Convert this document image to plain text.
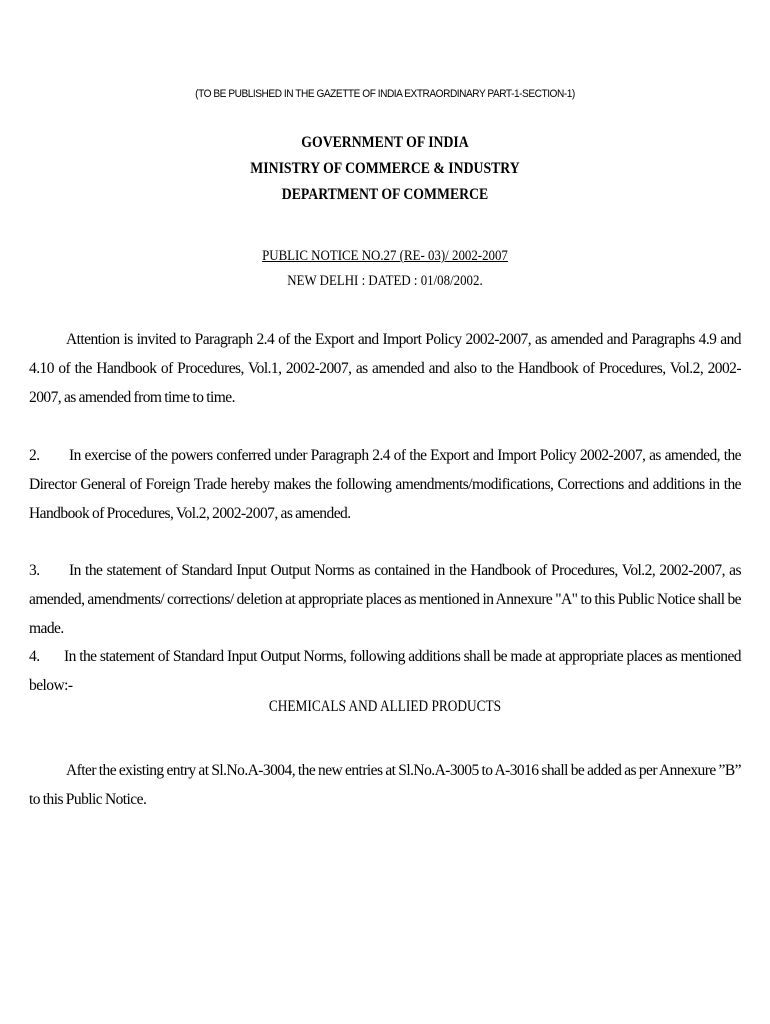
(TO BE PUBLISHED IN THE GAZETTE OF INDIA EXTRAORDINARY PART-1-SECTION-1)
GOVERNMENT OF INDIA
MINISTRY OF COMMERCE & INDUSTRY
DEPARTMENT OF COMMERCE
PUBLIC NOTICE NO.27 (RE- 03)/ 2002-2007
NEW DELHI : DATED : 01/08/2002.
Attention is invited to Paragraph 2.4 of the Export and Import Policy 2002-2007, as amended and Paragraphs 4.9 and 4.10 of the Handbook of Procedures, Vol.1, 2002-2007, as amended and also to the Handbook of Procedures, Vol.2, 2002-2007, as amended from time to time.
2. In exercise of the powers conferred under Paragraph 2.4 of the Export and Import Policy 2002-2007, as amended, the Director General of Foreign Trade hereby makes the following amendments/modifications, Corrections and additions in the Handbook of Procedures, Vol.2, 2002-2007, as amended.
3. In the statement of Standard Input Output Norms as contained in the Handbook of Procedures, Vol.2, 2002-2007, as amended, amendments/ corrections/ deletion at appropriate places as mentioned in Annexure "A" to this Public Notice shall be made.
4. In the statement of Standard Input Output Norms, following additions shall be made at appropriate places as mentioned below:-
CHEMICALS AND ALLIED PRODUCTS
After the existing entry at Sl.No.A-3004, the new entries at Sl.No.A-3005 to A-3016 shall be added as per Annexure ”B” to this Public Notice.
